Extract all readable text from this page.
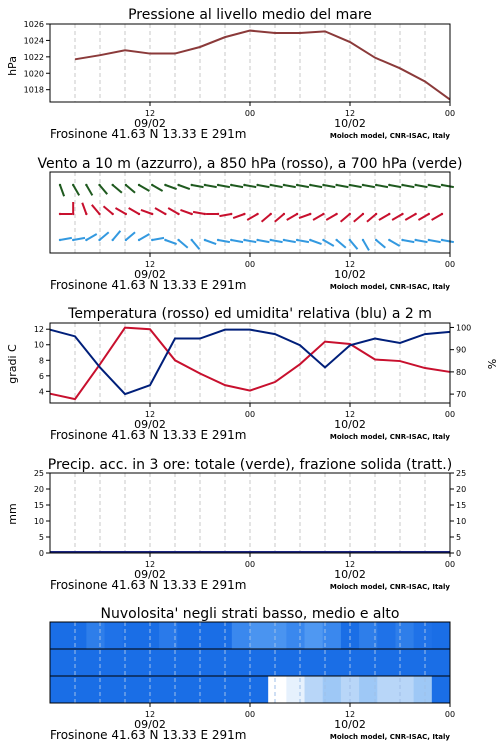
Pressione al livello medio del mare
hPa
1018
1020
1022
1024
1026
12	00	12	00
09/02	10/02
Frosinone 41.63 N 13.33 E 291m	Moloch model, CNR-ISAC, Italy
Vento a 10 m (azzurro), a 850 hPa (rosso), a 700 hPa (verde)
12	00	12	00
09/02	10/02
Frosinone 41.63 N 13.33 E 291m	Moloch model, CNR-ISAC, Italy
Temperatura (rosso) ed umidita' relativa (blu) a 2 m
gradi C	%
4
6
8
10
12
70
80
90
100
12	00	12	00
09/02	10/02
Frosinone 41.63 N 13.33 E 291m	Moloch model, CNR-ISAC, Italy
Precip. acc. in 3 ore: totale (verde), frazione solida (tratt.)
mm
0
5
10
15
20
25
0
5
10
15
20
25
12	00	12	00
09/02	10/02
Frosinone 41.63 N 13.33 E 291m	Moloch model, CNR-ISAC, Italy
Nuvolosita' negli strati basso, medio e alto
12	00	12	00
09/02	10/02
Frosinone 41.63 N 13.33 E 291m	Moloch model, CNR-ISAC, Italy
